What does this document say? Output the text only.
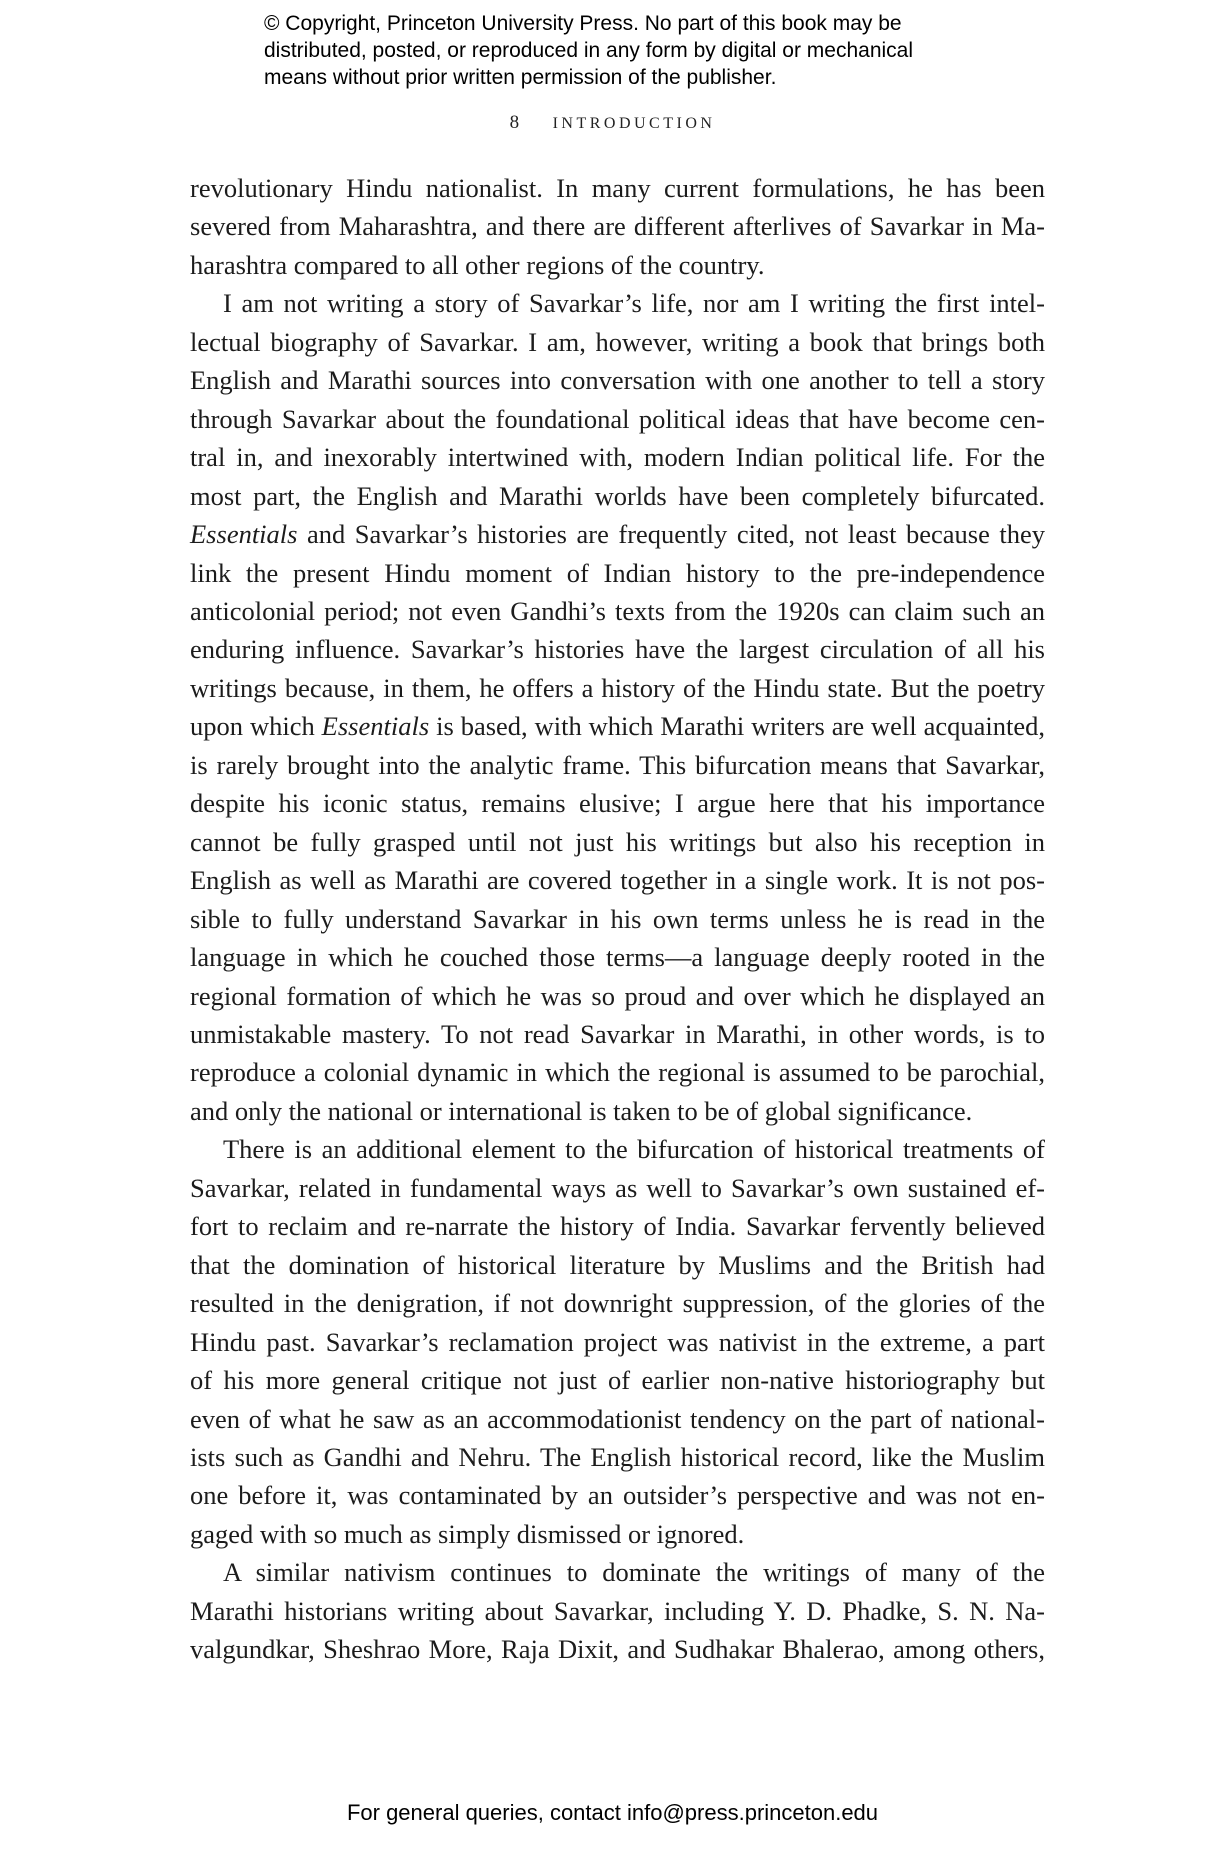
© Copyright, Princeton University Press. No part of this book may be
distributed, posted, or reproduced in any form by digital or mechanical
means without prior written permission of the publisher.
8 INTRODUCTION
revolutionary Hindu nationalist. In many current formulations, he has been
severed from Maharashtra, and there are different afterlives of Savarkar in Ma-
harashtra compared to all other regions of the country.
I am not writing a story of Savarkar’s life, nor am I writing the first intel-
lectual biography of Savarkar. I am, however, writing a book that brings both
English and Marathi sources into conversation with one another to tell a story
through Savarkar about the foundational political ideas that have become cen-
tral in, and inexorably intertwined with, modern Indian political life. For the
most part, the English and Marathi worlds have been completely bifurcated.
Essentials and Savarkar’s histories are frequently cited, not least because they
link the present Hindu moment of Indian history to the pre-independence
anticolonial period; not even Gandhi’s texts from the 1920s can claim such an
enduring influence. Savarkar’s histories have the largest circulation of all his
writings because, in them, he offers a history of the Hindu state. But the poetry
upon which Essentials is based, with which Marathi writers are well acquainted,
is rarely brought into the analytic frame. This bifurcation means that Savarkar,
despite his iconic status, remains elusive; I argue here that his importance
cannot be fully grasped until not just his writings but also his reception in
English as well as Marathi are covered together in a single work. It is not pos-
sible to fully understand Savarkar in his own terms unless he is read in the
language in which he couched those terms—a language deeply rooted in the
regional formation of which he was so proud and over which he displayed an
unmistakable mastery. To not read Savarkar in Marathi, in other words, is to
reproduce a colonial dynamic in which the regional is assumed to be parochial,
and only the national or international is taken to be of global significance.
There is an additional element to the bifurcation of historical treatments of
Savarkar, related in fundamental ways as well to Savarkar’s own sustained ef-
fort to reclaim and re-narrate the history of India. Savarkar fervently believed
that the domination of historical literature by Muslims and the British had
resulted in the denigration, if not downright suppression, of the glories of the
Hindu past. Savarkar’s reclamation project was nativist in the extreme, a part
of his more general critique not just of earlier non-native historiography but
even of what he saw as an accommodationist tendency on the part of national-
ists such as Gandhi and Nehru. The English historical record, like the Muslim
one before it, was contaminated by an outsider’s perspective and was not en-
gaged with so much as simply dismissed or ignored.
A similar nativism continues to dominate the writings of many of the
Marathi historians writing about Savarkar, including Y. D. Phadke, S. N. Na-
valgundkar, Sheshrao More, Raja Dixit, and Sudhakar Bhalerao, among others,
For general queries, contact info@press.princeton.edu
